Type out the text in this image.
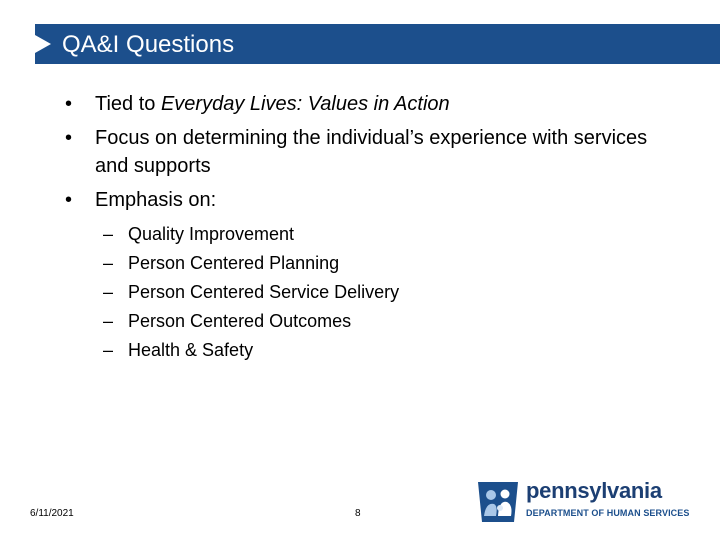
QA&I Questions
• Tied to Everyday Lives: Values in Action
• Focus on determining the individual’s experience with services and supports
• Emphasis on:
– Quality Improvement
– Person Centered Planning
– Person Centered Service Delivery
– Person Centered Outcomes
– Health & Safety
6/11/2021	8
pennsylvania
DEPARTMENT OF HUMAN SERVICES
